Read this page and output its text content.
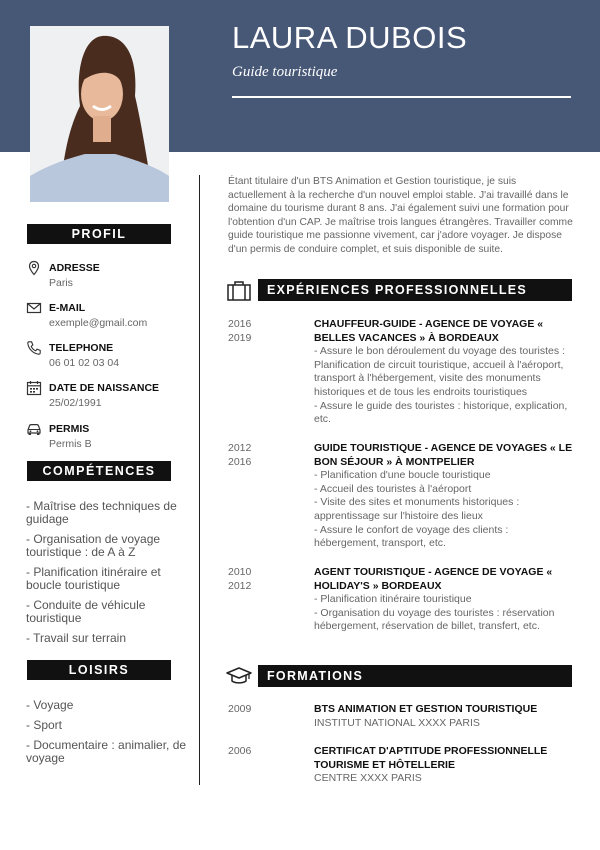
LAURA DUBOIS
Guide touristique
PROFIL
ADRESSE
Paris
E-MAIL
exemple@gmail.com
TELEPHONE
06 01 02 03 04
DATE DE NAISSANCE
25/02/1991
PERMIS
Permis B
COMPÉTENCES
- Maîtrise des techniques de guidage
- Organisation de voyage touristique : de A à Z
- Planification itinéraire et boucle touristique
- Conduite de véhicule touristique
- Travail sur terrain
LOISIRS
- Voyage
- Sport
- Documentaire : animalier, de voyage
Étant titulaire d'un BTS Animation et Gestion touristique, je suis actuellement à la recherche d'un nouvel emploi stable. J'ai travaillé dans le domaine du tourisme durant 8 ans. J'ai également suivi une formation pour l'obtention d'un CAP. Je maîtrise trois langues étrangères. Travailler comme guide touristique me passionne vivement, car j'adore voyager. Je dispose d'un permis de conduire complet, et suis disponible de suite.
EXPÉRIENCES PROFESSIONNELLES
2016
2019
CHAUFFEUR-GUIDE - AGENCE DE VOYAGE « BELLES VACANCES » À BORDEAUX
- Assure le bon déroulement du voyage des touristes : Planification de circuit touristique, accueil à l'aéroport, transport à l'hébergement, visite des monuments historiques et de tous les endroits touristiques
- Assure le guide des touristes : historique, explication, etc.
2012
2016
GUIDE TOURISTIQUE - AGENCE DE VOYAGES « LE BON SÉJOUR » À MONTPELIER
- Planification d'une boucle touristique
- Accueil des touristes à l'aéroport
- Visite des sites et monuments historiques : apprentissage sur l'histoire des lieux
- Assure le confort de voyage des clients : hébergement, transport, etc.
2010
2012
AGENT TOURISTIQUE - AGENCE DE VOYAGE « HOLIDAY'S » BORDEAUX
- Planification itinéraire touristique
- Organisation du voyage des touristes : réservation hébergement, réservation de billet, transfert, etc.
FORMATIONS
2009	BTS ANIMATION ET GESTION TOURISTIQUE
INSTITUT NATIONAL XXXX PARIS
2006	CERTIFICAT D'APTITUDE PROFESSIONNELLE TOURISME ET HÔTELLERIE
CENTRE XXXX PARIS
